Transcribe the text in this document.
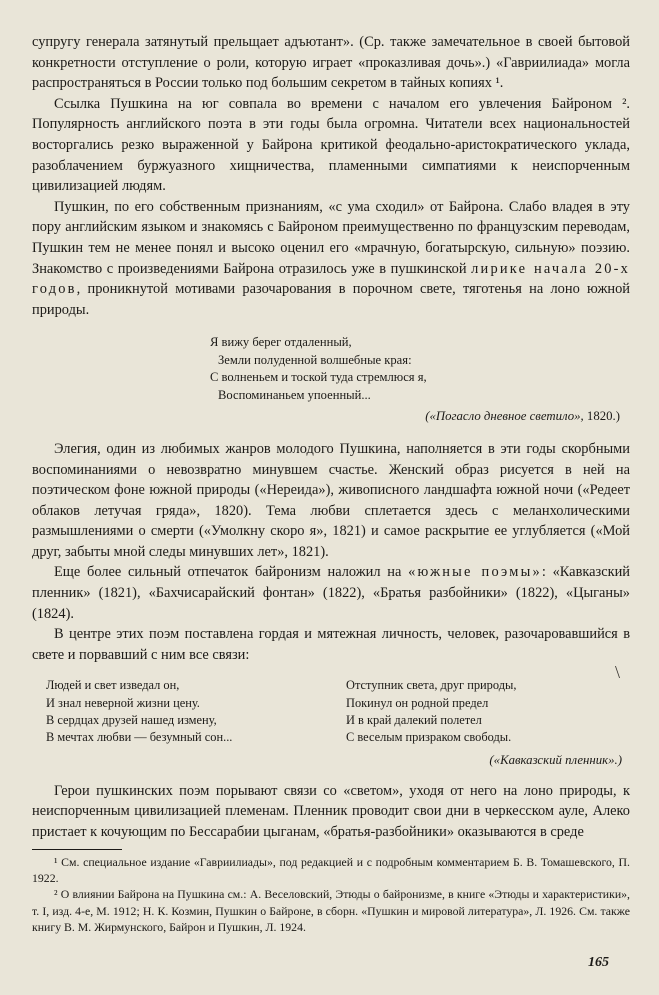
супругу генерала затянутый прельщает адъютант». (Ср. также замечательное в своей бытовой конкретности отступление о роли, которую играет «проказливая дочь».) «Гавриилиада» могла распространяться в России только под большим секретом в тайных копиях ¹.

Ссылка Пушкина на юг совпала во времени с началом его увлечения Байроном ². Популярность английского поэта в эти годы была огромна. Читатели всех национальностей восторгались резко выраженной у Байрона критикой феодально-аристократического уклада, разоблачением буржуазного хищничества, пламенными симпатиями к неиспорченным цивилизацией людям.

Пушкин, по его собственным признаниям, «с ума сходил» от Байрона. Слабо владея в эту пору английским языком и знакомясь с Байроном преимущественно по французским переводам, Пушкин тем не менее понял и высоко оценил его «мрачную, богатырскую, сильную» поэзию. Знакомство с произведениями Байрона отразилось уже в пушкинской лирике начала 20-х годов, проникнутой мотивами разочарования в порочном свете, тяготенья на лоно южной природы.

Я вижу берег отдаленный,
Земли полуденной волшебные края:
С волненьем и тоской туда стремлюся я,
Воспоминаньем упоенный...
(«Погасло дневное светило», 1820.)

Элегия, один из любимых жанров молодого Пушкина, наполняется в эти годы скорбными воспоминаниями о невозвратно минувшем счастье. Женский образ рисуется в ней на поэтическом фоне южной природы («Нереида»), живописного ландшафта южной ночи («Редеет облаков летучая гряда», 1820). Тема любви сплетается здесь с меланхолическими размышлениями о смерти («Умолкну скоро я», 1821) и самое раскрытие ее углубляется («Мой друг, забыты мной следы минувших лет», 1821).

Еще более сильный отпечаток байронизм наложил на «южные поэмы»: «Кавказский пленник» (1821), «Бахчисарайский фонтан» (1822), «Братья разбойники» (1822), «Цыганы» (1824).

В центре этих поэм поставлена гордая и мятежная личность, человек, разочаровавшийся в свете и порвавший с ним все связи:

Людей и свет изведал он,
И знал неверной жизни цену.
В сердцах друзей нашед измену,
В мечтах любви — безумный сон...
Отступник света, друг природы,
Покинул он родной предел
И в край далекий полетел
С веселым призраком свободы.
(«Кавказский пленник».)

Герои пушкинских поэм порывают связи со «светом», уходя от него на лоно природы, к неиспорченным цивилизацией племенам. Пленник проводит свои дни в черкесском ауле, Алеко пристает к кочующим по Бессарабии цыганам, «братья-разбойники» оказываются в среде

¹ См. специальное издание «Гавриилиады», под редакцией и с подробным комментарием Б. В. Томашевского, П. 1922.

² О влиянии Байрона на Пушкина см.: А. Веселовский, Этюды о байронизме, в книге «Этюды и характеристики», т. I, изд. 4-е, М. 1912; Н. К. Козмин, Пушкин о Байроне, в сборн. «Пушкин и мировой литература», Л. 1926. См. также книгу В. М. Жирмунского, Байрон и Пушкин, Л. 1924.

\
165
